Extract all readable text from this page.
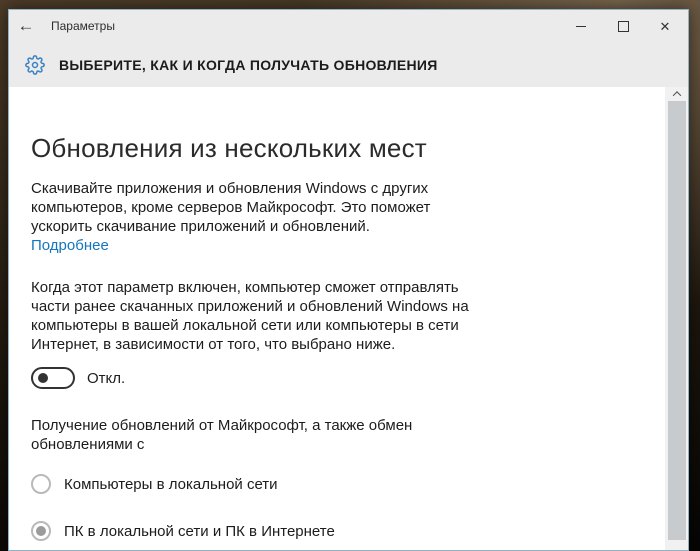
←	Параметры	✕
ВЫБЕРИТЕ, КАК И КОГДА ПОЛУЧАТЬ ОБНОВЛЕНИЯ
Обновления из нескольких мест

Скачивайте приложения и обновления Windows с других компьютеров, кроме серверов Майкрософт. Это поможет ускорить скачивание приложений и обновлений.

Подробнее

Когда этот параметр включен, компьютер сможет отправлять части ранее скачанных приложений и обновлений Windows на компьютеры в вашей локальной сети или компьютеры в сети Интернет, в зависимости от того, что выбрано ниже.

Откл.

Получение обновлений от Майкрософт, а также обмен обновлениями с

Компьютеры в локальной сети
ПК в локальной сети и ПК в Интернете
